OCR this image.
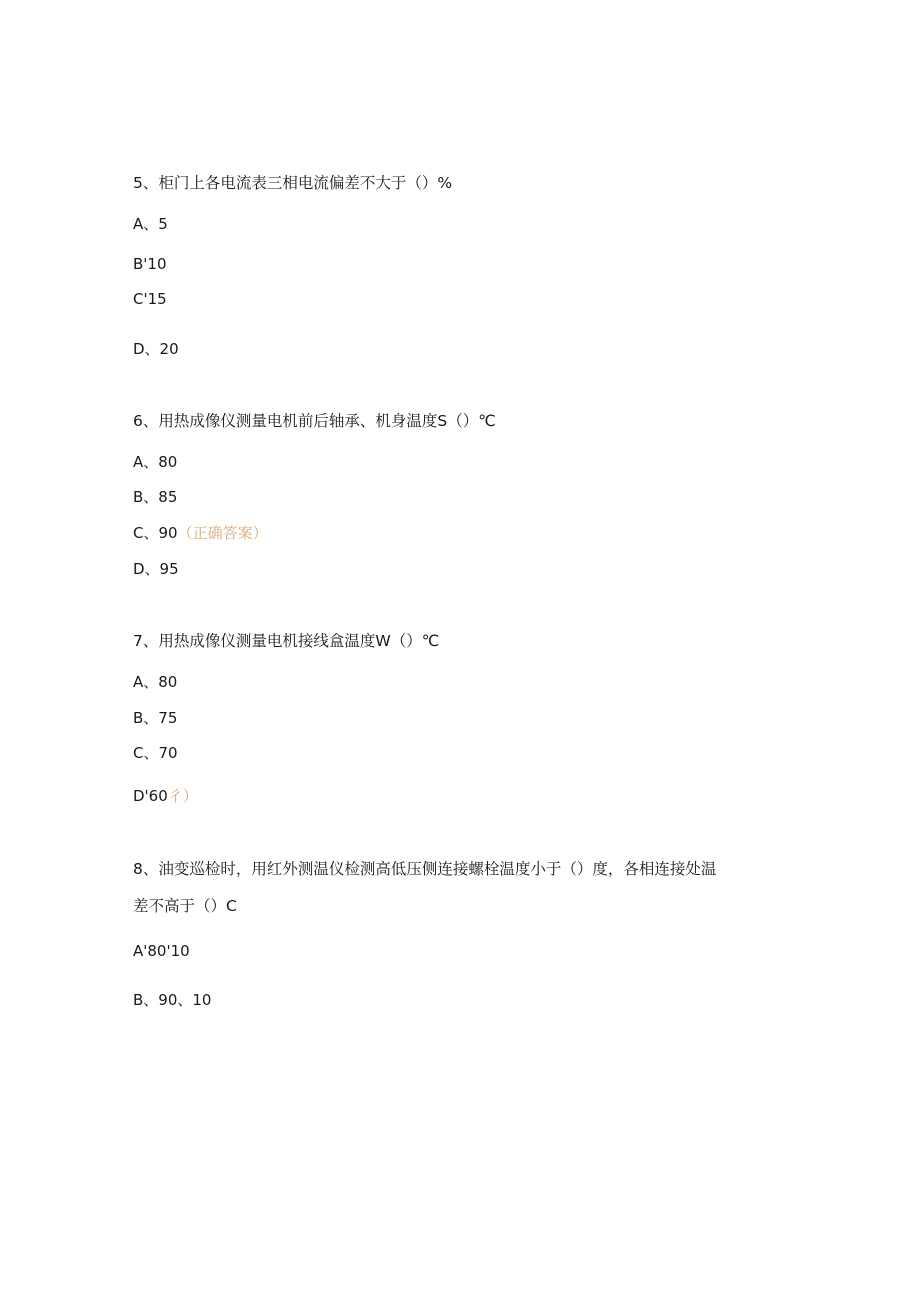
5、柜门上各电流表三相电流偏差不大于（）%
A、5
B'10
C'15
D、20
6、用热成像仪测量电机前后轴承、机身温度S（）℃
A、80
B、85
C、90（正确答案）
D、95
7、用热成像仪测量电机接线盒温度W（）℃
A、80
B、75
C、70
D'60彳）
8、油变巡检时，用红外测温仪检测高低压侧连接螺栓温度小于（）度，各相连接处温
差不高于（）C
A'80'10
B、90、10
